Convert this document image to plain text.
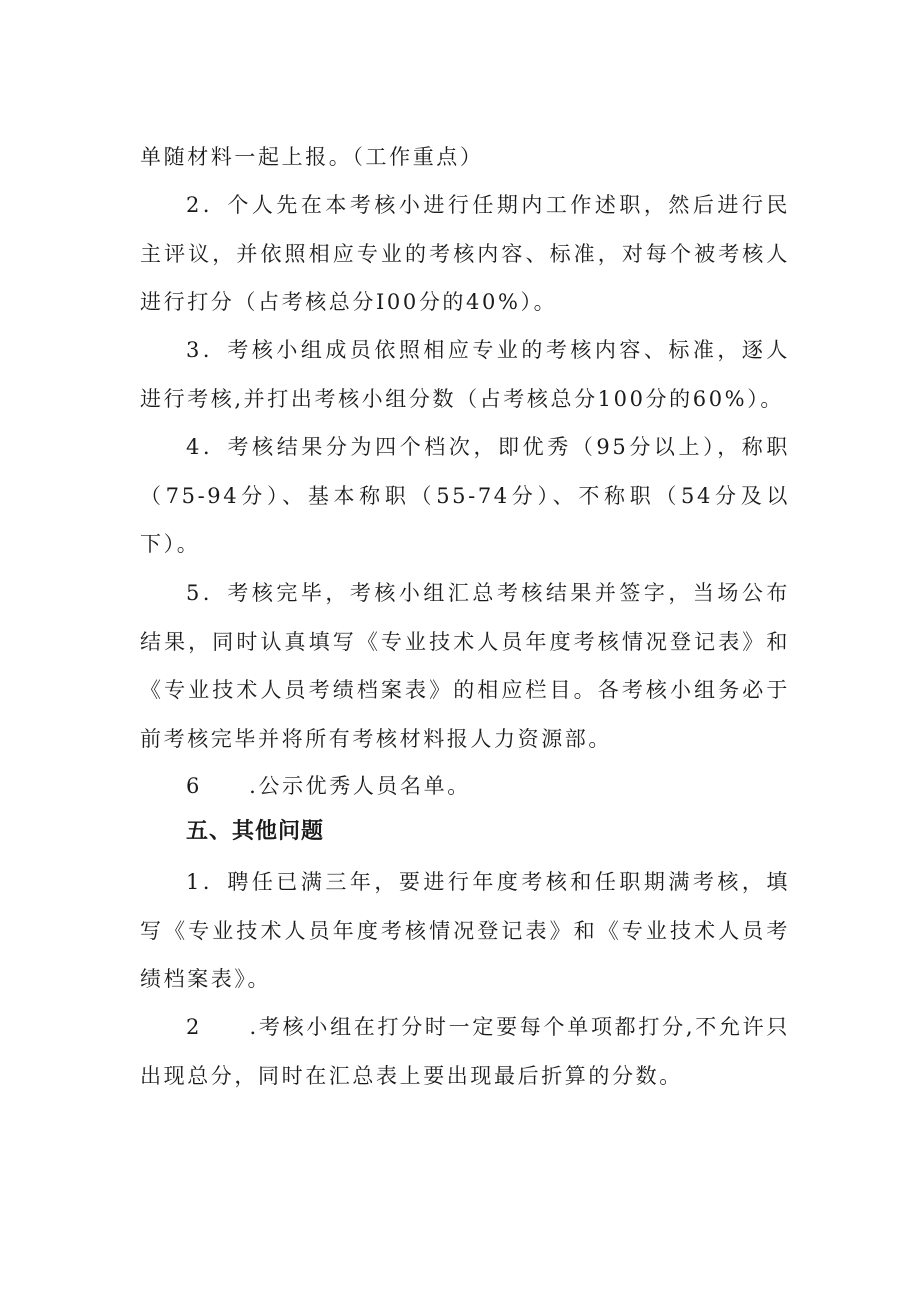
单随材料一起上报。（工作重点）
2．个人先在本考核小进行任期内工作述职，然后进行民主评议，并依照相应专业的考核内容、标准，对每个被考核人进行打分（占考核总分I00分的40%）。
3．考核小组成员依照相应专业的考核内容、标准，逐人进行考核,并打出考核小组分数（占考核总分100分的60%）。
4．考核结果分为四个档次，即优秀（95分以上），称职（75-94分）、基本称职（55-74分）、不称职（54分及以下）。
5．考核完毕，考核小组汇总考核结果并签字，当场公布结果，同时认真填写《专业技术人员年度考核情况登记表》和《专业技术人员考绩档案表》的相应栏目。各考核小组务必于前考核完毕并将所有考核材料报人力资源部。
6　　.公示优秀人员名单。
五、其他问题
1．聘任已满三年，要进行年度考核和任职期满考核，填写《专业技术人员年度考核情况登记表》和《专业技术人员考绩档案表》。
2　　.考核小组在打分时一定要每个单项都打分,不允许只出现总分，同时在汇总表上要出现最后折算的分数。
